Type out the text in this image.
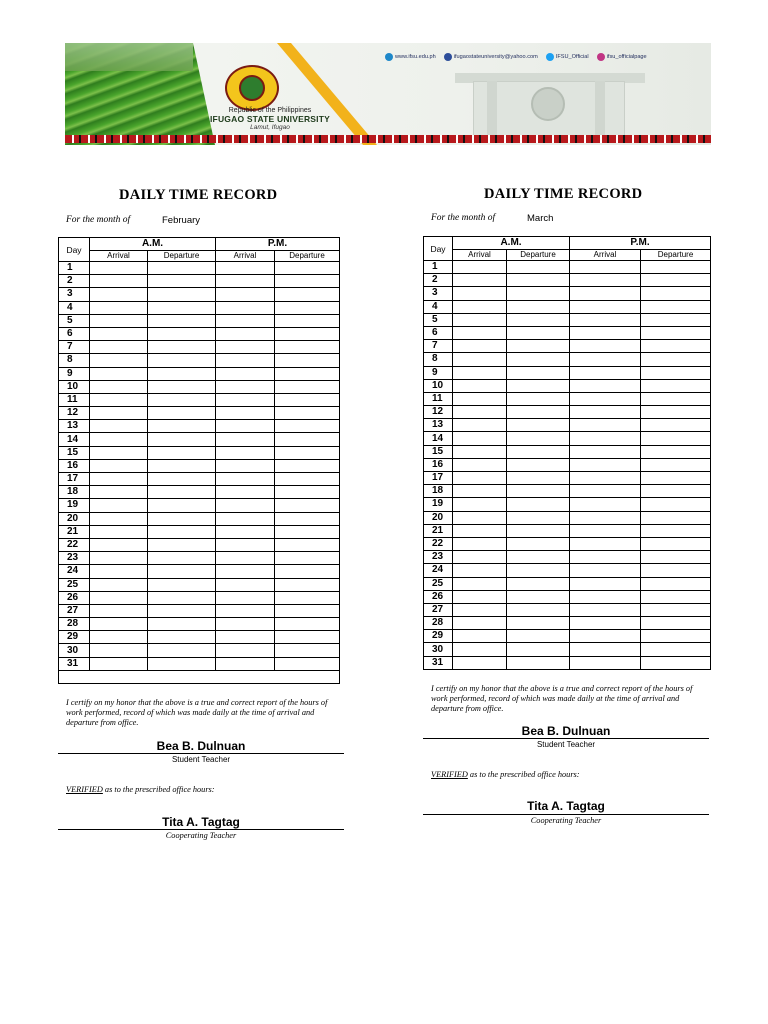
Republic of the Philippines
IFUGAO STATE UNIVERSITY
Lamut, Ifugao
www.ifsu.edu.ph	ifugaostateuniversity@yahoo.com	IFSU_Official	ifsu_officialpage
DAILY TIME RECORD
For the month of	February
Day	A.M.		P.M.	
	Arrival	Departure	Arrival	Departure
1				
2				
3				
4				
5				
6				
7				
8				
9				
10				
11				
12				
13				
14				
15				
16				
17				
18				
19				
20				
21				
22				
23				
24				
25				
26				
27				
28				
29				
30				
31				

I certify on my honor that the above is a true and correct report of the hours of work performed, record of which was made daily at the time of arrival and departure from office.
Bea B. Dulnuan
Student Teacher
VERIFIED as to the prescribed office hours:
Tita A. Tagtag
Cooperating Teacher
DAILY TIME RECORD
For the month of	March
Day	A.M.		P.M.	
	Arrival	Departure	Arrival	Departure
1				
2				
3				
4				
5				
6				
7				
8				
9				
10				
11				
12				
13				
14				
15				
16				
17				
18				
19				
20				
21				
22				
23				
24				
25				
26				
27				
28				
29				
30				
31				
I certify on my honor that the above is a true and correct report of the hours of work performed, record of which was made daily at the time of arrival and departure from office.
Bea B. Dulnuan
Student Teacher
VERIFIED as to the prescribed office hours:
Tita A. Tagtag
Cooperating Teacher
